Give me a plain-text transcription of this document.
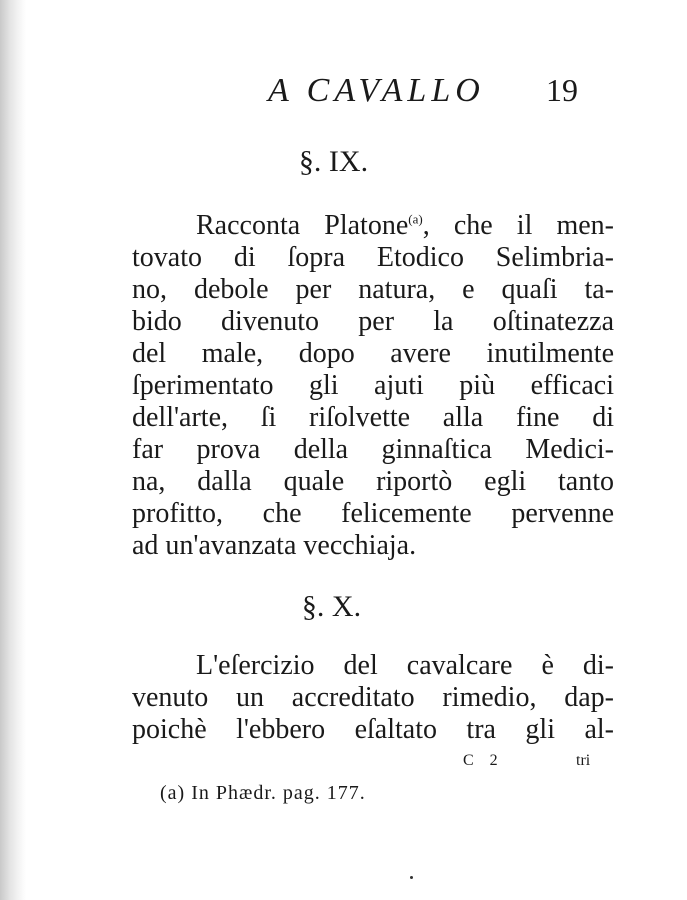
A CAVALLO 19
§. IX.
Racconta Platone$^{(a)}$, che il men-
tovato di ſopra Etodico Selimbria-
no, debole per natura, e quaſi ta-
bido divenuto per la oſtinatezza
del male, dopo avere inutilmente
ſperimentato gli ajuti più efficaci
dell'arte, ſi riſolvette alla fine di
far prova della ginnaſtica Medici-
na, dalla quale riportò egli tanto
profitto, che felicemente pervenne
ad un'avanzata vecchiaja.
§. X.
L'eſercizio del cavalcare è di-
venuto un accreditato rimedio, dap-
poichè l'ebbero eſaltato tra gli al-
C 2	tri
(a) In Phædr. pag. 177.
